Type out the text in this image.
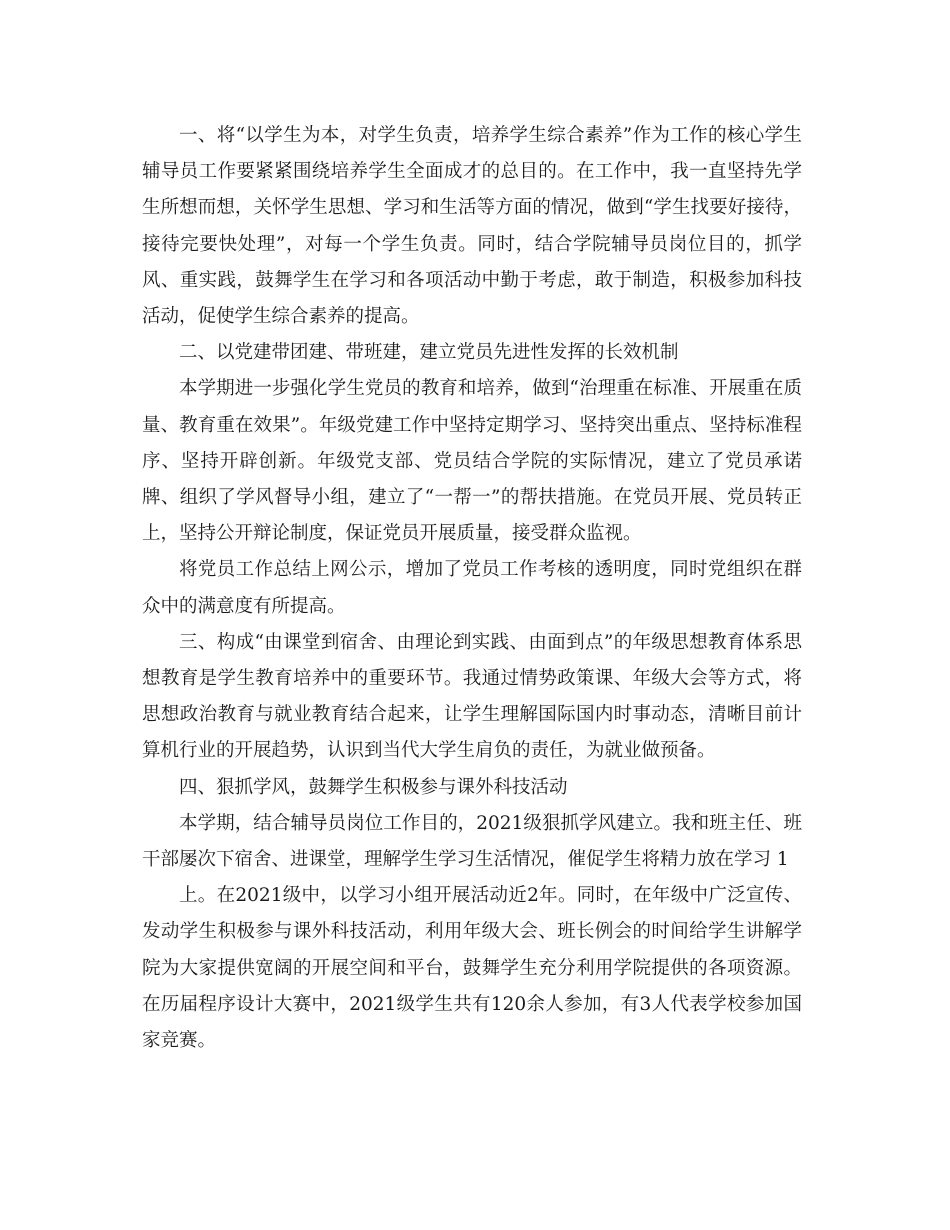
一、将“以学生为本，对学生负责，培养学生综合素养”作为工作的核心学生辅导员工作要紧紧围绕培养学生全面成才的总目的。在工作中，我一直坚持先学生所想而想，关怀学生思想、学习和生活等方面的情况，做到“学生找要好接待，接待完要快处理”，对每一个学生负责。同时，结合学院辅导员岗位目的，抓学风、重实践，鼓舞学生在学习和各项活动中勤于考虑，敢于制造，积极参加科技活动，促使学生综合素养的提高。

二、以党建带团建、带班建，建立党员先进性发挥的长效机制

本学期进一步强化学生党员的教育和培养，做到“治理重在标准、开展重在质量、教育重在效果”。年级党建工作中坚持定期学习、坚持突出重点、坚持标准程序、坚持开辟创新。年级党支部、党员结合学院的实际情况，建立了党员承诺牌、组织了学风督导小组，建立了“一帮一”的帮扶措施。在党员开展、党员转正上，坚持公开辩论制度，保证党员开展质量，接受群众监视。

将党员工作总结上网公示，增加了党员工作考核的透明度，同时党组织在群众中的满意度有所提高。

三、构成“由课堂到宿舍、由理论到实践、由面到点”的年级思想教育体系思想教育是学生教育培养中的重要环节。我通过情势政策课、年级大会等方式，将思想政治教育与就业教育结合起来，让学生理解国际国内时事动态，清晰目前计算机行业的开展趋势，认识到当代大学生肩负的责任，为就业做预备。

四、狠抓学风，鼓舞学生积极参与课外科技活动

本学期，结合辅导员岗位工作目的，2021级狠抓学风建立。我和班主任、班干部屡次下宿舍、进课堂，理解学生学习生活情况，催促学生将精力放在学习 1

上。在2021级中，以学习小组开展活动近2年。同时，在年级中广泛宣传、发动学生积极参与课外科技活动，利用年级大会、班长例会的时间给学生讲解学院为大家提供宽阔的开展空间和平台，鼓舞学生充分利用学院提供的各项资源。在历届程序设计大赛中，2021级学生共有120余人参加，有3人代表学校参加国家竞赛。
